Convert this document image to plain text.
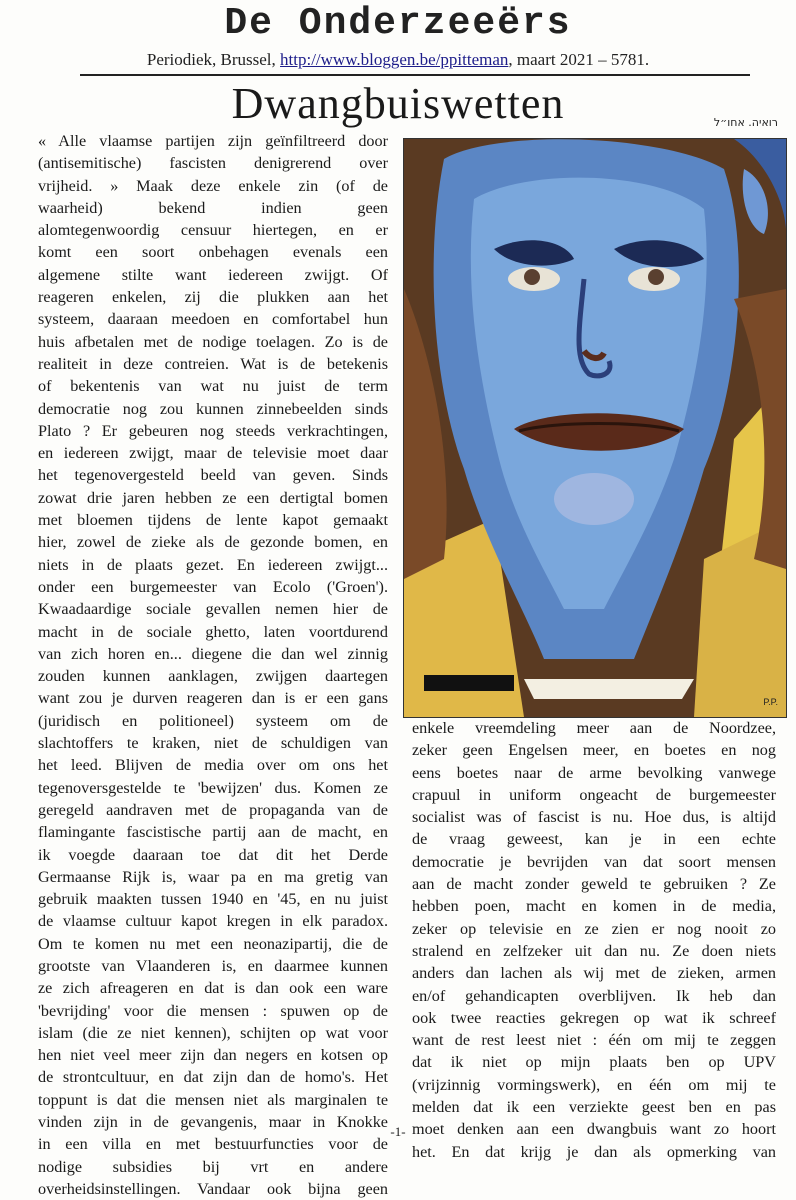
De Onderzeeërs
Periodiek, Brussel, http://www.bloggen.be/ppitteman, maart 2021 – 5781.
Dwangbuiswetten	רואיה. אחו״ל
« Alle vlaamse partijen zijn geïnfiltreerd door
(antisemitische) fascisten denigrerend over
vrijheid. » Maak deze enkele zin (of de
waarheid) bekend indien geen
alomtegenwoordig censuur hiertegen, en er
komt een soort onbehagen evenals een
algemene stilte want iedereen zwijgt. Of
reageren enkelen, zij die plukken aan het
systeem, daaraan meedoen en comfortabel hun
huis afbetalen met de nodige toelagen. Zo is de
realiteit in deze contreien. Wat is de betekenis
of bekentenis van wat nu juist de term
democratie nog zou kunnen zinnebeelden sinds
Plato ? Er gebeuren nog steeds verkrachtingen,
en iedereen zwijgt, maar de televisie moet daar
het tegenovergesteld beeld van geven. Sinds
zowat drie jaren hebben ze een dertigtal bomen
met bloemen tijdens de lente kapot gemaakt
hier, zowel de zieke als de gezonde bomen, en
niets in de plaats gezet. En iedereen zwijgt...
onder een burgemeester van Ecolo ('Groen').
Kwaadaardige sociale gevallen nemen hier de
macht in de sociale ghetto, laten voortdurend
van zich horen en... diegene die dan wel zinnig
zouden kunnen aanklagen, zwijgen daartegen
want zou je durven reageren dan is er een gans
(juridisch en politioneel) systeem om de
slachtoffers te kraken, niet de schuldigen van
het leed. Blijven de media over om ons het
tegenoversgestelde te 'bewijzen' dus. Komen ze
geregeld aandraven met de propaganda van de
flamingante fascistische partij aan de macht, en
ik voegde daaraan toe dat dit het Derde
Germaanse Rijk is, waar pa en ma gretig van
gebruik maakten tussen 1940 en '45, en nu juist
de vlaamse cultuur kapot kregen in elk paradox.
Om te komen nu met een neonazipartij, die de
grootste van Vlaanderen is, en daarmee kunnen
ze zich afreageren en dat is dan ook een ware
'bevrijding' voor die mensen : spuwen op de
islam (die ze niet kennen), schijten op wat voor
hen niet veel meer zijn dan negers en kotsen op
de strontcultuur, en dat zijn dan de homo's. Het
toppunt is dat die mensen niet als marginalen te
vinden zijn in de gevangenis, maar in Knokke
in een villa en met bestuurfuncties voor de
nodige subsidies bij vrt en andere
overheidsinstellingen. Vandaar ook bijna geen
P.P.
enkele vreemdeling meer aan de Noordzee,
zeker geen Engelsen meer, en boetes en nog
eens boetes naar de arme bevolking vanwege
crapuul in uniform ongeacht de burgemeester
socialist was of fascist is nu. Hoe dus, is altijd
de vraag geweest, kan je in een echte
democratie je bevrijden van dat soort mensen
aan de macht zonder geweld te gebruiken ? Ze
hebben poen, macht en komen in de media,
zeker op televisie en ze zien er nog nooit zo
stralend en zelfzeker uit dan nu. Ze doen niets
anders dan lachen als wij met de zieken, armen
en/of gehandicapten overblijven. Ik heb dan
ook twee reacties gekregen op wat ik schreef
want de rest leest niet : één om mij te zeggen
dat ik niet op mijn plaats ben op UPV
(vrijzinnig vormingswerk), en één om mij te
melden dat ik een verziekte geest ben en pas
moet denken aan een dwangbuis want zo hoort
het. En dat krijg je dan als opmerking van
-1-
